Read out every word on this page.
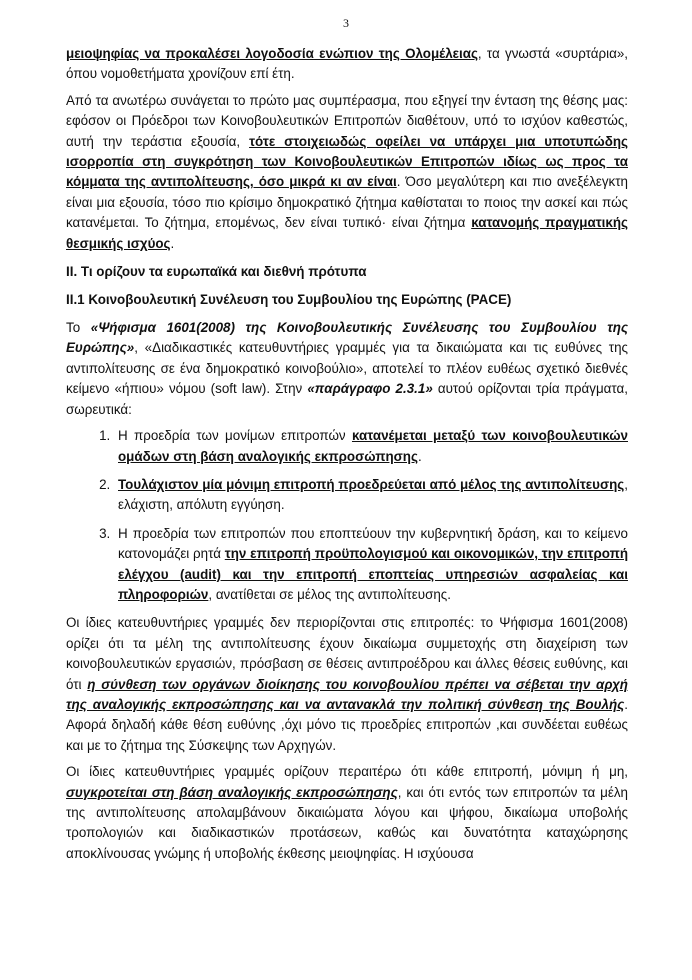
3

μειοψηφίας να προκαλέσει λογοδοσία ενώπιον της Ολομέλειας, τα γνωστά «συρτάρια», όπου νομοθετήματα χρονίζουν επί έτη.

Από τα ανωτέρω συνάγεται το πρώτο μας συμπέρασμα, που εξηγεί την ένταση της θέσης μας: εφόσον οι Πρόεδροι των Κοινοβουλευτικών Επιτροπών διαθέτουν, υπό το ισχύον καθεστώς, αυτή την τεράστια εξουσία, τότε στοιχειωδώς οφείλει να υπάρχει μια υποτυπώδης ισορροπία στη συγκρότηση των Κοινοβουλευτικών Επιτροπών ιδίως ως προς τα κόμματα της αντιπολίτευσης, όσο μικρά κι αν είναι. Όσο μεγαλύτερη και πιο ανεξέλεγκτη είναι μια εξουσία, τόσο πιο κρίσιμο δημοκρατικό ζήτημα καθίσταται το ποιος την ασκεί και πώς κατανέμεται. Το ζήτημα, επομένως, δεν είναι τυπικό· είναι ζήτημα κατανομής πραγματικής θεσμικής ισχύος.

II. Τι ορίζουν τα ευρωπαϊκά και διεθνή πρότυπα
II.1 Κοινοβουλευτική Συνέλευση του Συμβουλίου της Ευρώπης (PACE)

Το «Ψήφισμα 1601(2008) της Κοινοβουλευτικής Συνέλευσης του Συμβουλίου της Ευρώπης», «Διαδικαστικές κατευθυντήριες γραμμές για τα δικαιώματα και τις ευθύνες της αντιπολίτευσης σε ένα δημοκρατικό κοινοβούλιο», αποτελεί το πλέον ευθέως σχετικό διεθνές κείμενο «ήπιου» νόμου (soft law). Στην «παράγραφο 2.3.1» αυτού ορίζονται τρία πράγματα, σωρευτικά:

1. Η προεδρία των μονίμων επιτροπών κατανέμεται μεταξύ των κοινοβουλευτικών ομάδων στη βάση αναλογικής εκπροσώπησης.
2. Τουλάχιστον μία μόνιμη επιτροπή προεδρεύεται από μέλος της αντιπολίτευσης, ελάχιστη, απόλυτη εγγύηση.
3. Η προεδρία των επιτροπών που εποπτεύουν την κυβερνητική δράση, και το κείμενο κατονομάζει ρητά την επιτροπή προϋπολογισμού και οικονομικών, την επιτροπή ελέγχου (audit) και την επιτροπή εποπτείας υπηρεσιών ασφαλείας και πληροφοριών, ανατίθεται σε μέλος της αντιπολίτευσης.

Οι ίδιες κατευθυντήριες γραμμές δεν περιορίζονται στις επιτροπές: το Ψήφισμα 1601(2008) ορίζει ότι τα μέλη της αντιπολίτευσης έχουν δικαίωμα συμμετοχής στη διαχείριση των κοινοβουλευτικών εργασιών, πρόσβαση σε θέσεις αντιπροέδρου και άλλες θέσεις ευθύνης, και ότι η σύνθεση των οργάνων διοίκησης του κοινοβουλίου πρέπει να σέβεται την αρχή της αναλογικής εκπροσώπησης και να αντανακλά την πολιτική σύνθεση της Βουλής. Αφορά δηλαδή κάθε θέση ευθύνης ,όχι μόνο τις προεδρίες επιτροπών ,και συνδέεται ευθέως και με το ζήτημα της Σύσκεψης των Αρχηγών.

Οι ίδιες κατευθυντήριες γραμμές ορίζουν περαιτέρω ότι κάθε επιτροπή, μόνιμη ή μη, συγκροτείται στη βάση αναλογικής εκπροσώπησης, και ότι εντός των επιτροπών τα μέλη της αντιπολίτευσης απολαμβάνουν δικαιώματα λόγου και ψήφου, δικαίωμα υποβολής τροπολογιών και διαδικαστικών προτάσεων, καθώς και δυνατότητα καταχώρησης αποκλίνουσας γνώμης ή υποβολής έκθεσης μειοψηφίας. Η ισχύουσα
